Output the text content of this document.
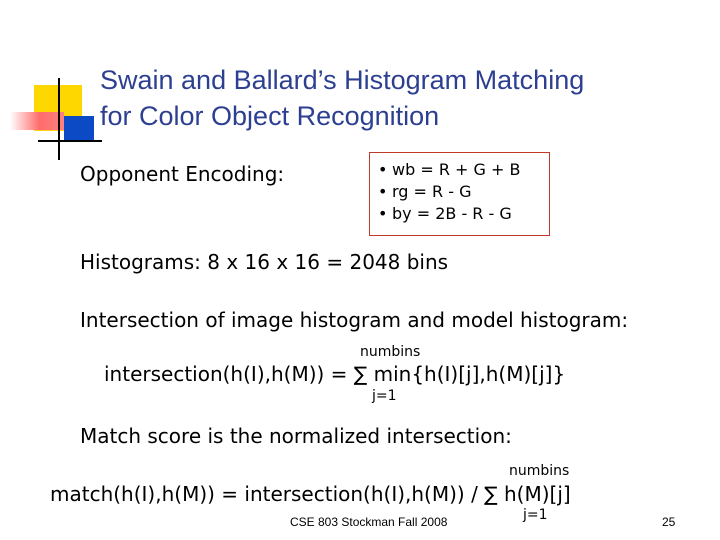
Swain and Ballard’s Histogram Matching
for Color Object Recognition
Opponent Encoding:	• wb = R + G + B
• rg = R - G
• by = 2B - R - G
Histograms: 8 x 16 x 16 = 2048 bins
Intersection of image histogram and model histogram:
numbins
intersection(h(I),h(M)) = ∑ min{h(I)[j],h(M)[j]}
j=1
Match score is the normalized intersection:
numbins
match(h(I),h(M)) = intersection(h(I),h(M)) / ∑ h(M)[j]
j=1
CSE 803 Stockman Fall 2008	25
